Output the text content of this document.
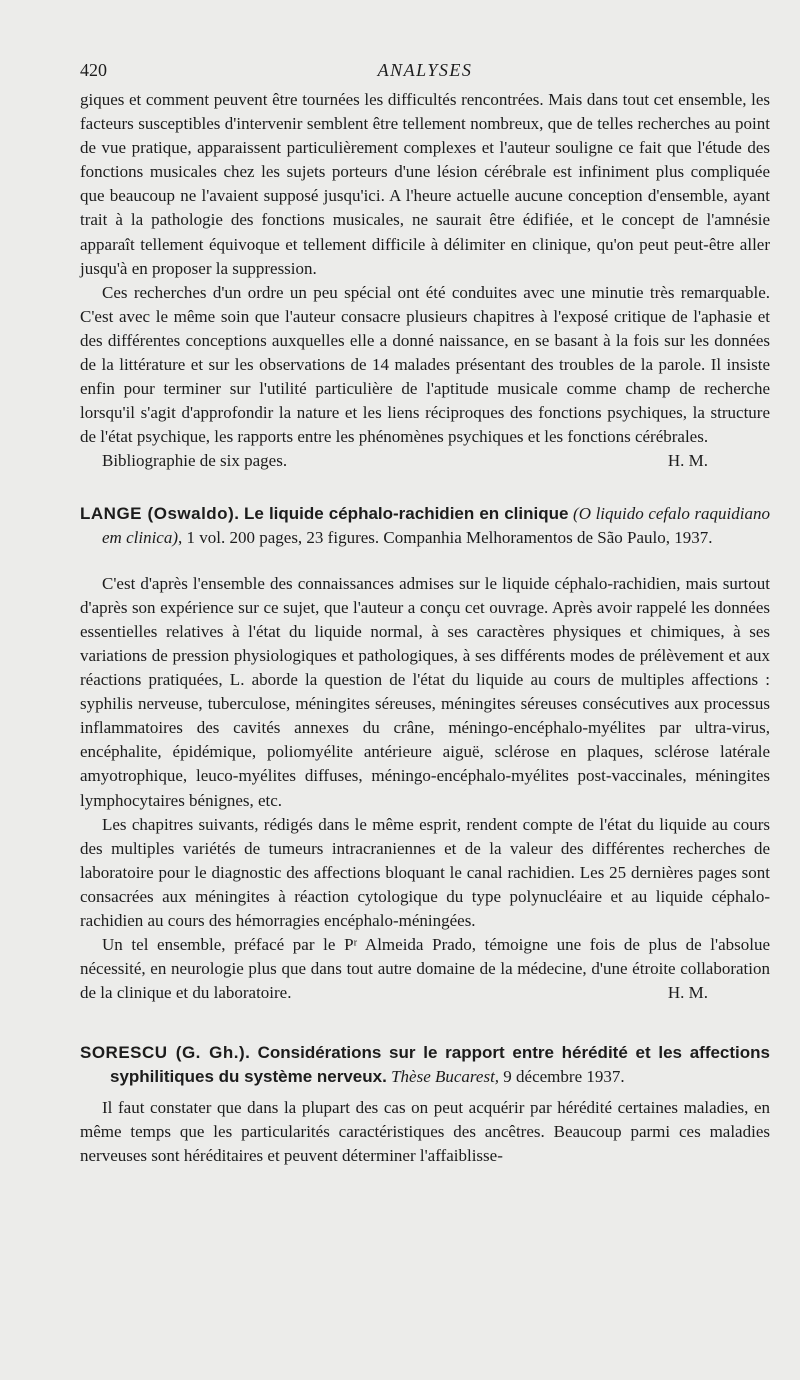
420	ANALYSES

giques et comment peuvent être tournées les difficultés rencontrées. Mais dans tout cet ensemble, les facteurs susceptibles d'intervenir semblent être tellement nombreux, que de telles recherches au point de vue pratique, apparaissent particulièrement complexes et l'auteur souligne ce fait que l'étude des fonctions musicales chez les sujets porteurs d'une lésion cérébrale est infiniment plus compliquée que beaucoup ne l'avaient supposé jusqu'ici. A l'heure actuelle aucune conception d'ensemble, ayant trait à la pathologie des fonctions musicales, ne saurait être édifiée, et le concept de l'amnésie apparaît tellement équivoque et tellement difficile à délimiter en clinique, qu'on peut peut-être aller jusqu'à en proposer la suppression.

Ces recherches d'un ordre un peu spécial ont été conduites avec une minutie très remarquable. C'est avec le même soin que l'auteur consacre plusieurs chapitres à l'exposé critique de l'aphasie et des différentes conceptions auxquelles elle a donné naissance, en se basant à la fois sur les données de la littérature et sur les observations de 14 malades présentant des troubles de la parole. Il insiste enfin pour terminer sur l'utilité particulière de l'aptitude musicale comme champ de recherche lorsqu'il s'agit d'approfondir la nature et les liens réciproques des fonctions psychiques, la structure de l'état psychique, les rapports entre les phénomènes psychiques et les fonctions cérébrales.

Bibliographie de six pages.	H. M.

LANGE (Oswaldo). Le liquide céphalo-rachidien en clinique (O liquido cefalo raquidiano em clinica), 1 vol. 200 pages, 23 figures. Companhia Melhoramentos de São Paulo, 1937.

C'est d'après l'ensemble des connaissances admises sur le liquide céphalo-rachidien, mais surtout d'après son expérience sur ce sujet, que l'auteur a conçu cet ouvrage. Après avoir rappelé les données essentielles relatives à l'état du liquide normal, à ses caractères physiques et chimiques, à ses variations de pression physiologiques et pathologiques, à ses différents modes de prélèvement et aux réactions pratiquées, L. aborde la question de l'état du liquide au cours de multiples affections : syphilis nerveuse, tuberculose, méningites séreuses, méningites séreuses consécutives aux processus inflammatoires des cavités annexes du crâne, méningo-encéphalo-myélites par ultra-virus, encéphalite, épidémique, poliomyélite antérieure aiguë, sclérose en plaques, sclérose latérale amyotrophique, leuco-myélites diffuses, méningo-encéphalo-myélites post-vaccinales, méningites lymphocytaires bénignes, etc.

Les chapitres suivants, rédigés dans le même esprit, rendent compte de l'état du liquide au cours des multiples variétés de tumeurs intracraniennes et de la valeur des différentes recherches de laboratoire pour le diagnostic des affections bloquant le canal rachidien. Les 25 dernières pages sont consacrées aux méningites à réaction cytologique du type polynucléaire et au liquide céphalo-rachidien au cours des hémorragies encéphalo-méningées.

Un tel ensemble, préfacé par le Pʳ Almeida Prado, témoigne une fois de plus de l'absolue nécessité, en neurologie plus que dans tout autre domaine de la médecine, d'une étroite collaboration de la clinique et du laboratoire.	H. M.

SORESCU (G. Gh.). Considérations sur le rapport entre hérédité et les affections syphilitiques du système nerveux. Thèse Bucarest, 9 décembre 1937.

Il faut constater que dans la plupart des cas on peut acquérir par hérédité certaines maladies, en même temps que les particularités caractéristiques des ancêtres. Beaucoup parmi ces maladies nerveuses sont héréditaires et peuvent déterminer l'affaiblisse-
